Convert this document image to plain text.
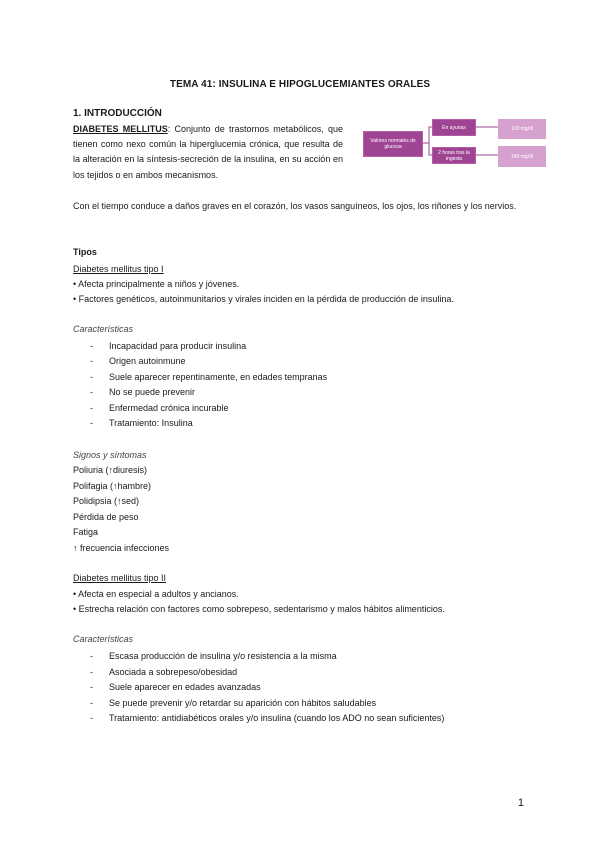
TEMA 41: INSULINA E HIPOGLUCEMIANTES ORALES
1. INTRODUCCIÓN
DIABETES MELLITUS: Conjunto de trastornos metabólicos, que tienen como nexo común la hiperglucemia crónica, que resulta de la alteración en la síntesis-secreción de la insulina, en su acción en los tejidos o en ambos mecanismos.
Con el tiempo conduce a daños graves en el corazón, los vasos sanguíneos, los ojos, los riñones y los nervios.
Valores normales de glucosa
En ayunas
2 horas tras la ingesta
100 mg/dl
140 mg/dl
Tipos
Diabetes mellitus tipo I
• Afecta principalmente a niños y jóvenes.
• Factores genéticos, autoinmunitarios y virales inciden en la pérdida de producción de insulina.
Características
- Incapacidad para producir insulina
- Origen autoinmune
- Suele aparecer repentinamente, en edades tempranas
- No se puede prevenir
- Enfermedad crónica incurable
- Tratamiento: Insulina
Signos y síntomas
Poliuria (↑diuresis)
Polifagia (↑hambre)
Polidipsia (↑sed)
Pérdida de peso
Fatiga
↑ frecuencia infecciones
Diabetes mellitus tipo II
• Afecta en especial a adultos y ancianos.
• Estrecha relación con factores como sobrepeso, sedentarismo y malos hábitos alimenticios.
Características
- Escasa producción de insulina y/o resistencia a la misma
- Asociada a sobrepeso/obesidad
- Suele aparecer en edades avanzadas
- Se puede prevenir y/o retardar su aparición con hábitos saludables
- Tratamiento: antidiabéticos orales y/o insulina (cuando los ADO no sean suficientes)
1
